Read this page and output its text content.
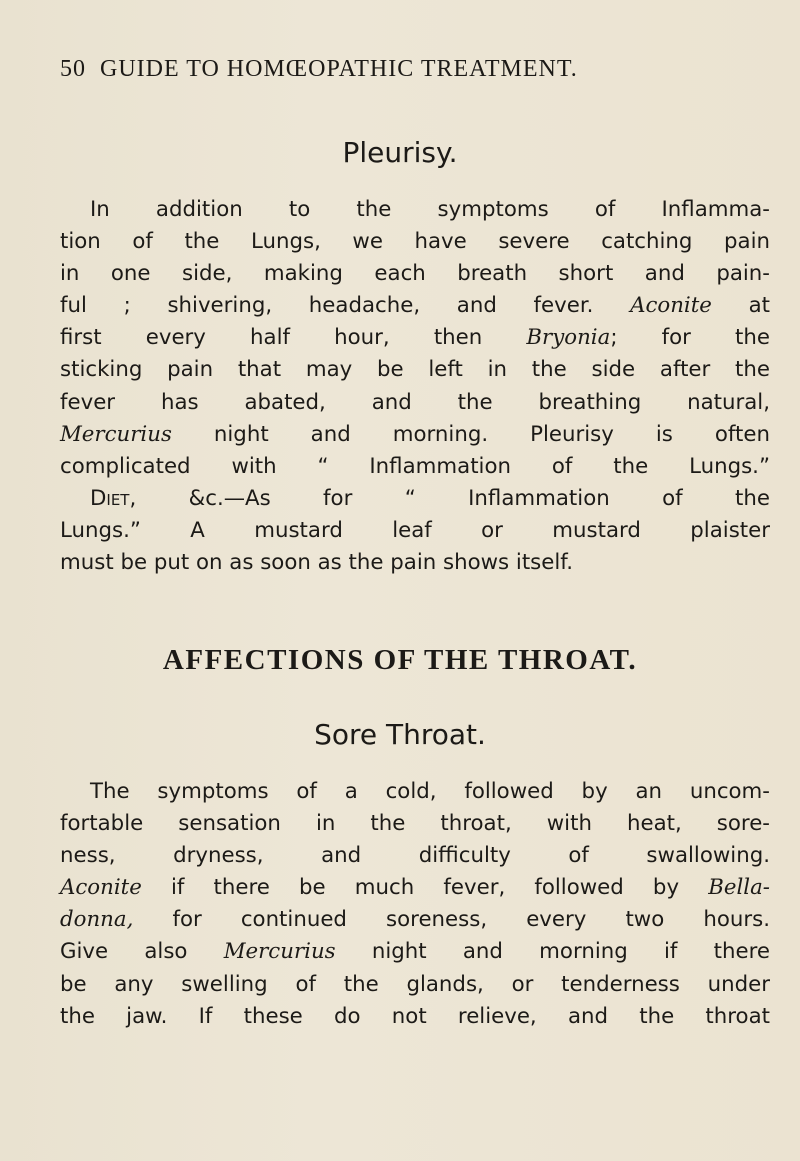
50 GUIDE TO HOMŒOPATHIC TREATMENT.
Pleurisy.
In addition to the symptoms of Inflamma-
tion of the Lungs, we have severe catching pain
in one side, making each breath short and pain-
ful ; shivering, headache, and fever. Aconite at
first every half hour, then Bryonia; for the
sticking pain that may be left in the side after the
fever has abated, and the breathing natural,
Mercurius night and morning. Pleurisy is often
complicated with “ Inflammation of the Lungs.”
Diet, &c.—As for “ Inflammation of the
Lungs.” A mustard leaf or mustard plaister
must be put on as soon as the pain shows itself.
AFFECTIONS OF THE THROAT.
Sore Throat.
The symptoms of a cold, followed by an uncom-
fortable sensation in the throat, with heat, sore-
ness, dryness, and difficulty of swallowing.
Aconite if there be much fever, followed by Bella-
donna, for continued soreness, every two hours.
Give also Mercurius night and morning if there
be any swelling of the glands, or tenderness under
the jaw. If these do not relieve, and the throat
